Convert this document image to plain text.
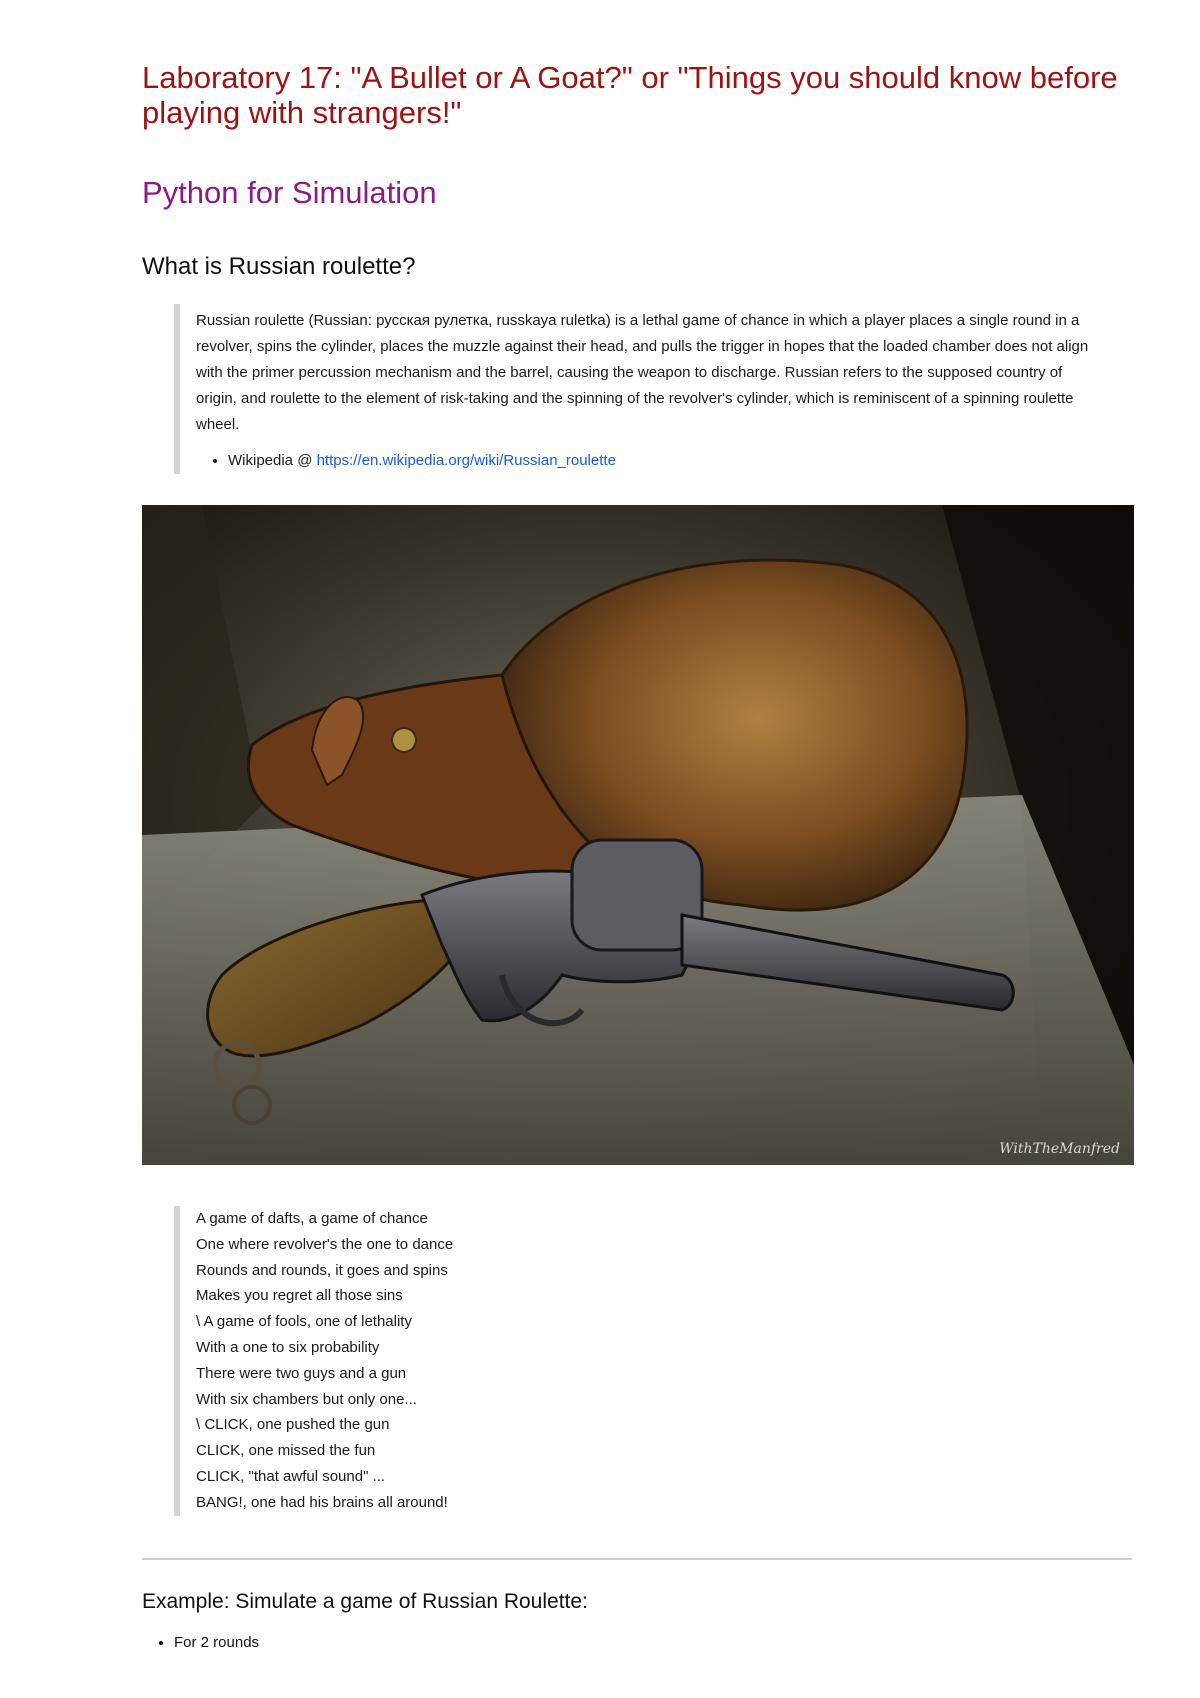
Laboratory 17: "A Bullet or A Goat?" or "Things you should know before playing with strangers!"
Python for Simulation
What is Russian roulette?

Russian roulette (Russian: русская рулетка, russkaya ruletka) is a lethal game of chance in which a player places a single round in a revolver, spins the cylinder, places the muzzle against their head, and pulls the trigger in hopes that the loaded chamber does not align with the primer percussion mechanism and the barrel, causing the weapon to discharge. Russian refers to the supposed country of origin, and roulette to the element of risk-taking and the spinning of the revolver's cylinder, which is reminiscent of a spinning roulette wheel.

• Wikipedia @ https://en.wikipedia.org/wiki/Russian_roulette
WithTheManfred
A game of dafts, a game of chance
One where revolver's the one to dance
Rounds and rounds, it goes and spins
Makes you regret all those sins
\ A game of fools, one of lethality
With a one to six probability
There were two guys and a gun
With six chambers but only one...
\ CLICK, one pushed the gun
CLICK, one missed the fun
CLICK, "that awful sound" ...
BANG!, one had his brains all around!
Example: Simulate a game of Russian Roulette:
• For 2 rounds
